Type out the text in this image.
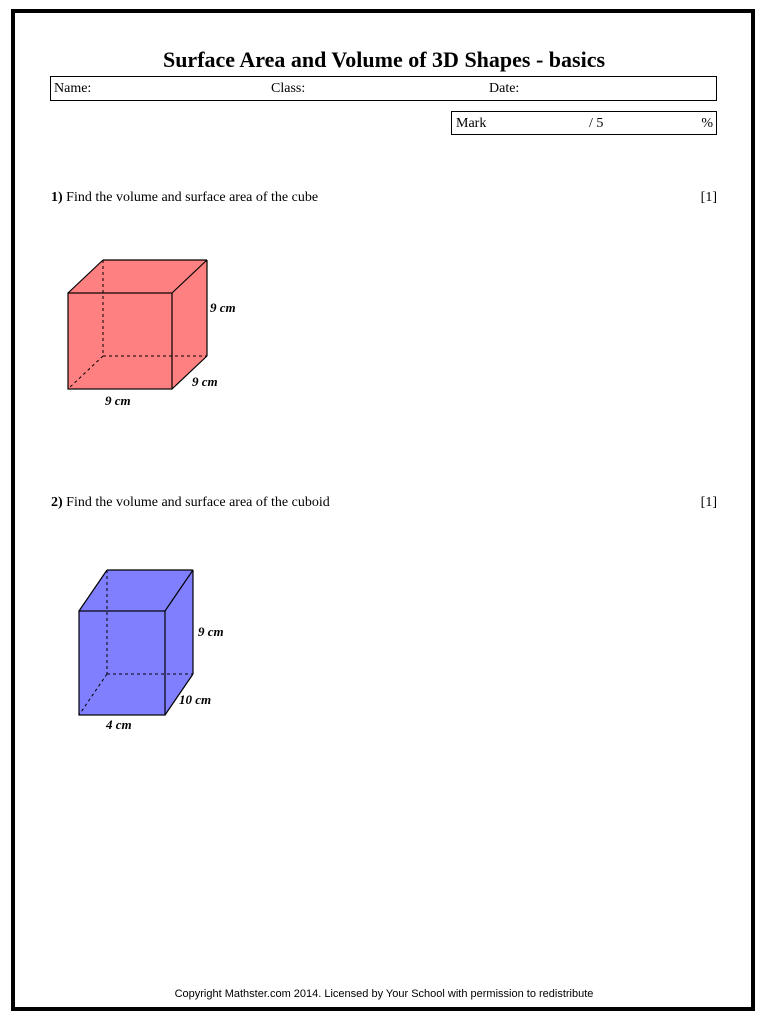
Surface Area and Volume of 3D Shapes - basics
Name:	Class:	Date:
Mark	/ 5	%
1) Find the volume and surface area of the cube	[1]
9 cm
9 cm
9 cm
9 cm
10 cm
4 cm
2) Find the volume and surface area of the cuboid	[1]
Copyright Mathster.com 2014. Licensed by Your School with permission to redistribute
